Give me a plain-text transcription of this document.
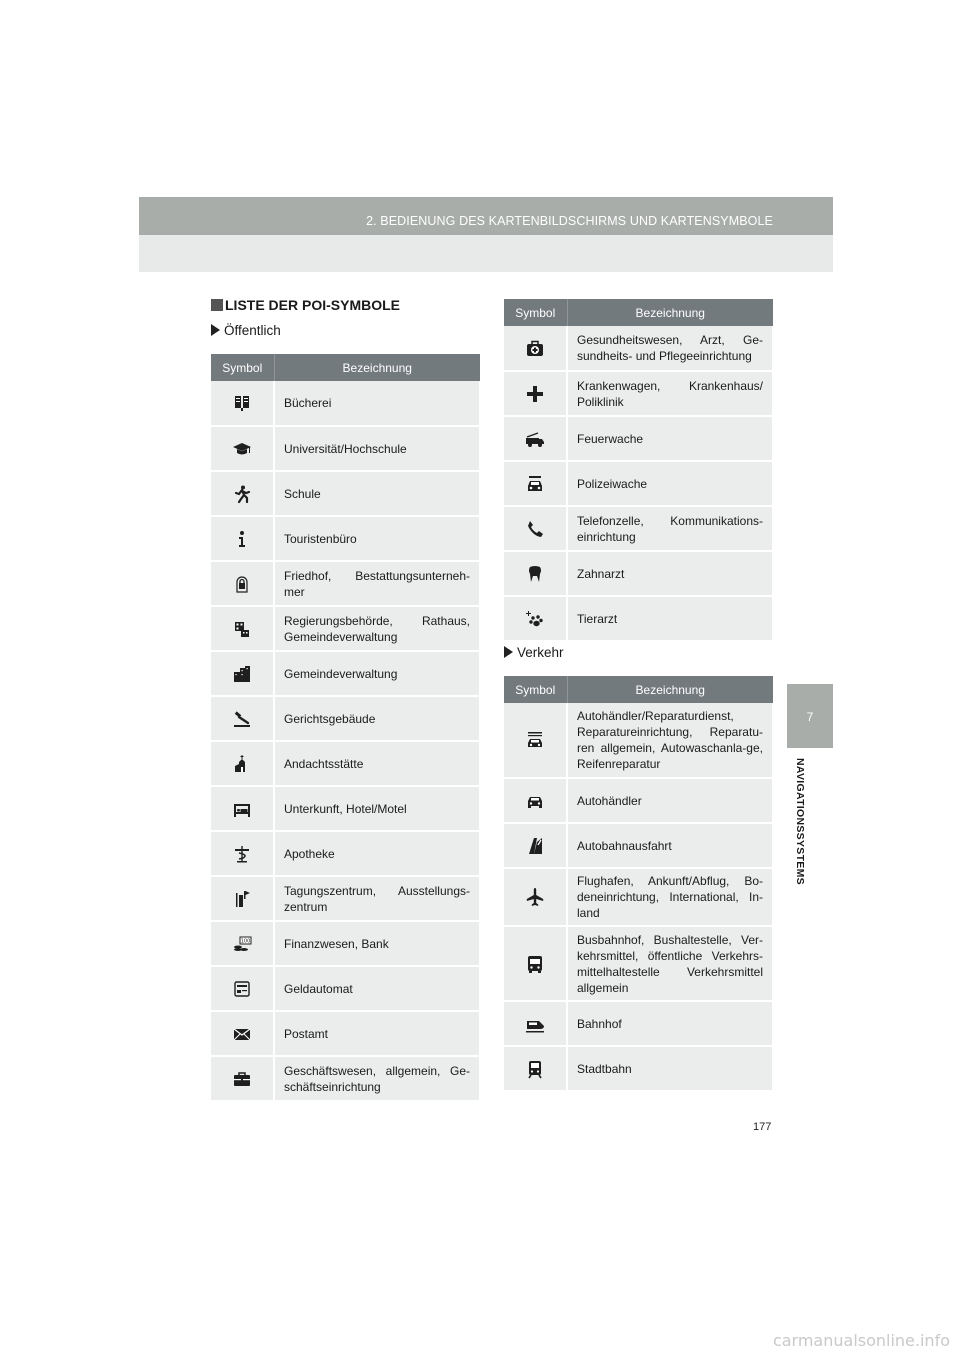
2. BEDIENUNG DES KARTENBILDSCHIRMS UND KARTENSYMBOLE
7
NAVIGATIONSSYSTEMS
LISTE DER POI-SYMBOLE
Öffentlich
Symbol	Bezeichnung

	Bücherei

	Universität/Hochschule

	Schule

	Touristenbüro

	Friedhof, Bestattungsunterneh-mer

	Regierungsbehörde, Rathaus, Gemeindeverwaltung

	Gemeindeverwaltung

	Gerichtsgebäude

	Andachtsstätte

	Unterkunft, Hotel/Motel

	Apotheke

	Tagungszentrum, Ausstellungs-zentrum

100	Finanzwesen, Bank

	Geldautomat

	Postamt

	Geschäftswesen, allgemein, Ge-schäftseinrichtung
Symbol	Bezeichnung

	Gesundheitswesen, Arzt, Ge-sundheits- und Pflegeeinrichtung

	Krankenwagen, Krankenhaus/ Poliklinik

	Feuerwache

	Polizeiwache

	Telefonzelle, Kommunikations-einrichtung

	Zahnarzt

	Tierarzt
Verkehr
Symbol	Bezeichnung

	Autohändler/Reparaturdienst, Reparatureinrichtung, Reparatu-ren allgemein, Autowaschanla-ge, Reifenreparatur

	Autohändler

	Autobahnausfahrt

	Flughafen, Ankunft/Abflug, Bo-deneinrichtung, International, In-land

	Busbahnhof, Bushaltestelle, Ver-kehrsmittel, öffentliche Verkehrs-mittelhaltestelle Verkehrsmittel allgemein

	Bahnhof

	Stadtbahn
177
carmanualsonline.info
